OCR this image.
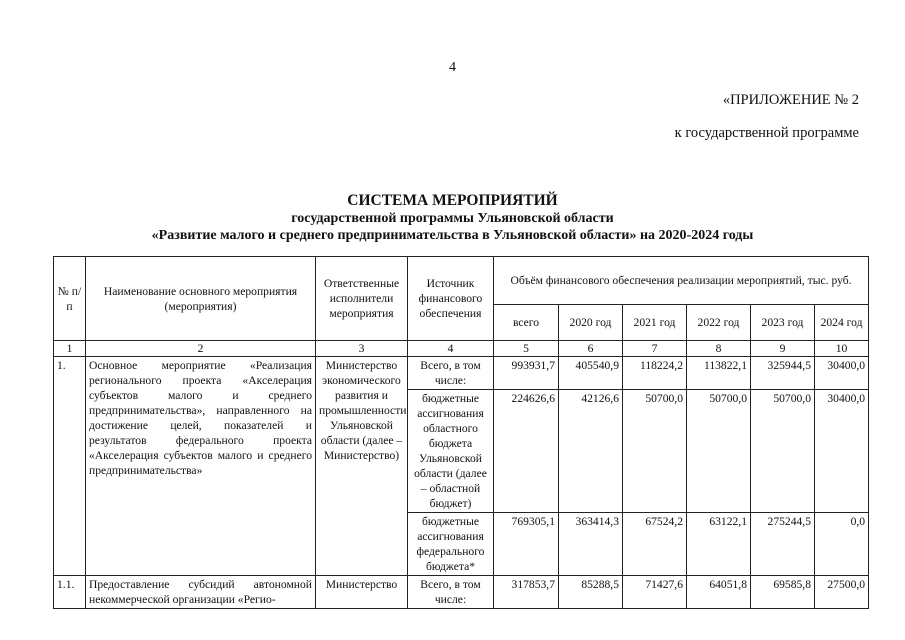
4
«ПРИЛОЖЕНИЕ № 2
к государственной программе
СИСТЕМА МЕРОПРИЯТИЙ
государственной программы Ульяновской области
«Развитие малого и среднего предпринимательства в Ульяновской области» на 2020-2024 годы
№ п/п	Наименование основного мероприятия (мероприятия)	Ответственные исполнители мероприятия	Источник финансового обеспечения	Объём финансового обеспечения реализации мероприятий, тыс. руб.					
				всего	2020 год	2021 год	2022 год	2023 год	2024 год
1	2	3	4	5	6	7	8	9	10
1.	Основное мероприятие «Реализация регионального проекта «Акселерация субъектов малого и среднего предпринимательства», направленного на достижение целей, показателей и результатов федерального проекта «Акселерация субъектов малого и среднего предпринимательства»	Министерство экономического развития и промышленности Ульяновской области (далее – Министерство)	Всего, в том числе:	993931,7	405540,9	118224,2	113822,1	325944,5	30400,0
			бюджетные ассигнования областного бюджета Ульяновской области (далее – областной бюджет)	224626,6	42126,6	50700,0	50700,0	50700,0	30400,0
			бюджетные ассигнования федерального бюджета*	769305,1	363414,3	67524,2	63122,1	275244,5	0,0
1.1.	Предоставление субсидий автономной некоммерческой организации «Регио-	Министерство	Всего, в том числе:	317853,7	85288,5	71427,6	64051,8	69585,8	27500,0
